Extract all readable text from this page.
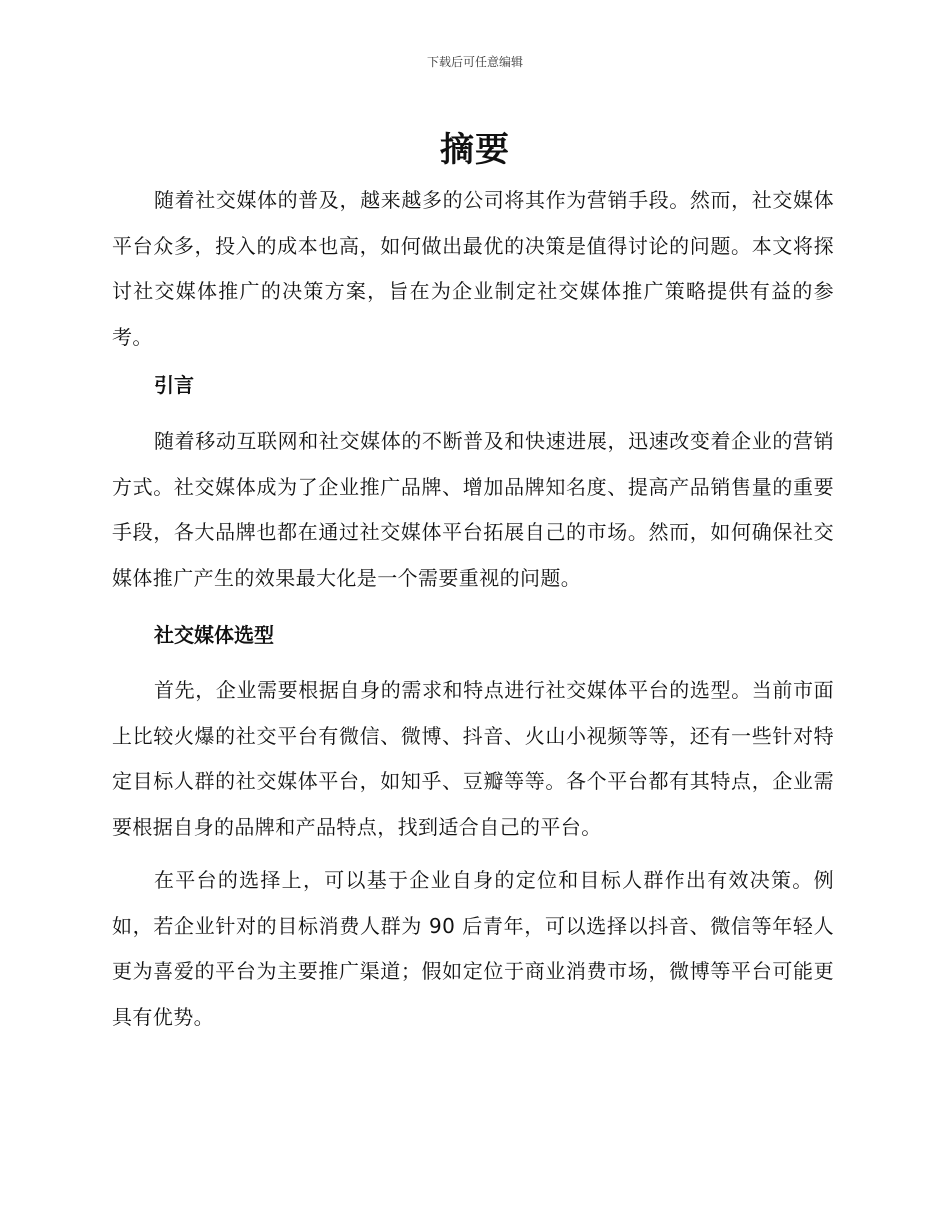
下载后可任意编辑
摘要

随着社交媒体的普及，越来越多的公司将其作为营销手段。然而，社交媒体平台众多，投入的成本也高，如何做出最优的决策是值得讨论的问题。本文将探讨社交媒体推广的决策方案，旨在为企业制定社交媒体推广策略提供有益的参考。

引言

随着移动互联网和社交媒体的不断普及和快速进展，迅速改变着企业的营销方式。社交媒体成为了企业推广品牌、增加品牌知名度、提高产品销售量的重要手段，各大品牌也都在通过社交媒体平台拓展自己的市场。然而，如何确保社交媒体推广产生的效果最大化是一个需要重视的问题。

社交媒体选型

首先，企业需要根据自身的需求和特点进行社交媒体平台的选型。当前市面上比较火爆的社交平台有微信、微博、抖音、火山小视频等等，还有一些针对特定目标人群的社交媒体平台，如知乎、豆瓣等等。各个平台都有其特点，企业需要根据自身的品牌和产品特点，找到适合自己的平台。

在平台的选择上，可以基于企业自身的定位和目标人群作出有效决策。例如，若企业针对的目标消费人群为 90 后青年，可以选择以抖音、微信等年轻人更为喜爱的平台为主要推广渠道；假如定位于商业消费市场，微博等平台可能更具有优势。
